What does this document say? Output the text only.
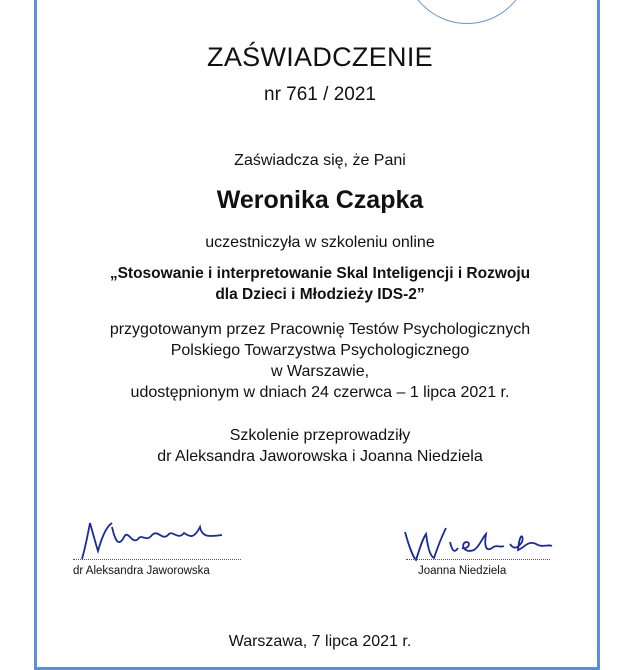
ZAŚWIADCZENIE
nr 761 / 2021
Zaświadcza się, że Pani
Weronika Czapka
uczestniczyła w szkoleniu online
„Stosowanie i interpretowanie Skal Inteligencji i Rozwoju
dla Dzieci i Młodzieży IDS-2”
przygotowanym przez Pracownię Testów Psychologicznych
Polskiego Towarzystwa Psychologicznego
w Warszawie,
udostępnionym w dniach 24 czerwca – 1 lipca 2021 r.
Szkolenie przeprowadziły
dr Aleksandra Jaworowska i Joanna Niedziela
dr Aleksandra Jaworowska	Joanna Niedziela
Warszawa, 7 lipca 2021 r.
